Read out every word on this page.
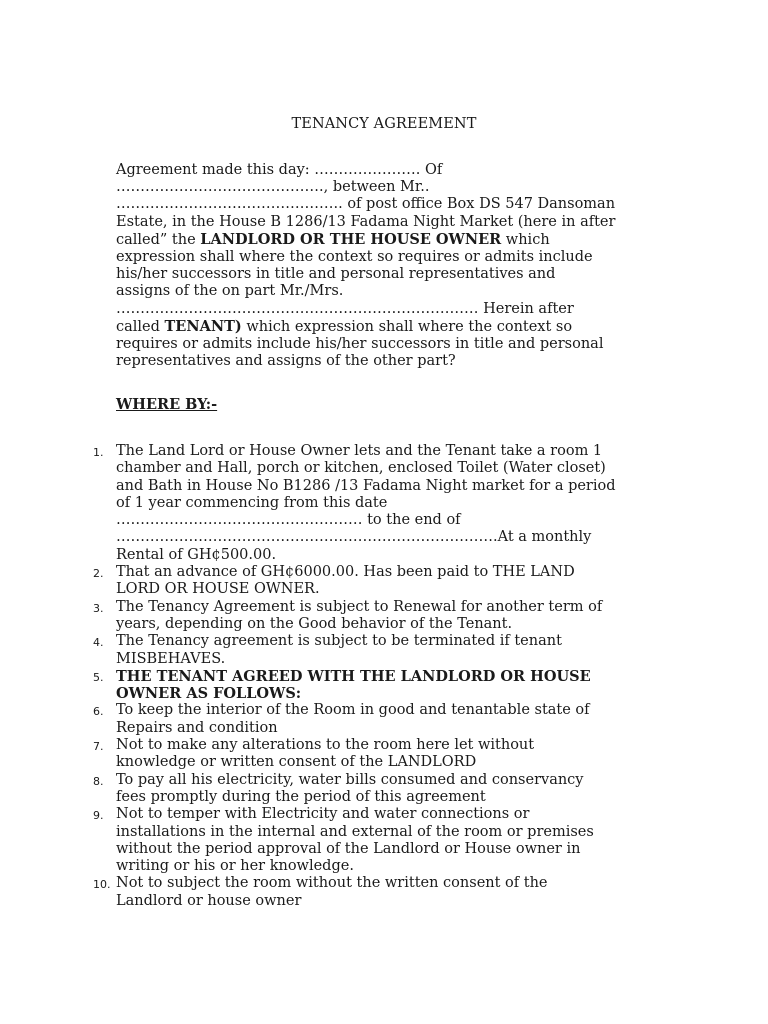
TENANCY AGREEMENT
Agreement made this day: …………………. Of
……………………………………., between Mr..
……………………………………….. of post office Box DS 547 Dansoman
Estate, in the House B 1286/13 Fadama Night Market (here in after
called” the LANDLORD OR THE HOUSE OWNER which
expression shall where the context so requires or admits include
his/her successors in title and personal representatives and
assigns of the on part Mr./Mrs.
………………………………………………………………… Herein after
called TENANT) which expression shall where the context so
requires or admits include his/her successors in title and personal
representatives and assigns of the other part?
WHERE BY:-
1. The Land Lord or House Owner lets and the Tenant take a room 1
chamber and Hall, porch or kitchen, enclosed Toilet (Water closet)
and Bath in House No B1286 /13 Fadama Night market for a period
of 1 year commencing from this date
…………………………………………… to the end of
…………………………………………………………………….At a monthly
Rental of GH¢500.00.
2. That an advance of GH¢6000.00. Has been paid to THE LAND
LORD OR HOUSE OWNER.
3. The Tenancy Agreement is subject to Renewal for another term of
years, depending on the Good behavior of the Tenant.
4. The Tenancy agreement is subject to be terminated if tenant
MISBEHAVES.
5. THE TENANT AGREED WITH THE LANDLORD OR HOUSE
OWNER AS FOLLOWS:
6. To keep the interior of the Room in good and tenantable state of
Repairs and condition
7. Not to make any alterations to the room here let without
knowledge or written consent of the LANDLORD
8. To pay all his electricity, water bills consumed and conservancy
fees promptly during the period of this agreement
9. Not to temper with Electricity and water connections or
installations in the internal and external of the room or premises
without the period approval of the Landlord or House owner in
writing or his or her knowledge.
10. Not to subject the room without the written consent of the
Landlord or house owner
